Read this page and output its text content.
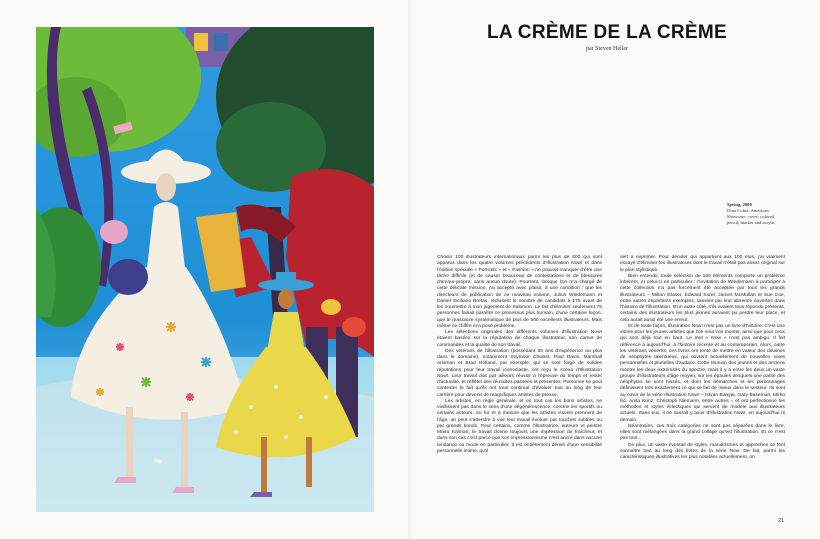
LA CRÈME DE LA CRÈME
par Steven Heller
Spring, 2000
Dino Cobra. American Showcase, cover; colored pencil, marker and acrylic

Choisir 100 illustrateurs internationaux parmi les plus de 600 qui sont apparus dans les quatre volumes précédents d'Illustration Now! et dans l'édition spéciale « Portraits » et « Fashion » ne pouvait manquer d'être une tâche difficile (et de causer beaucoup de contestations et de blessures d'amour-propre, sans aucun doute). Pourtant, lorsque l'on m'a chargé de cette délicate mission, j'ai accepté avec plaisir, à une condition : que les directeurs de publication de ce nouveau volume, Julius Wiedemann et Daniel Siciliano Bretas, réduisent le nombre de candidats à 175 avant de les soumettre à mon jugement de Salomon. Le fait d'éliminer seulement 75 personnes faisait paraître ce processus plus humain, d'une certaine façon, que le massacre systématique de plus de 500 excellents illustrateurs. Mais même ce chiffre m'a posé problème.

Les sélections originales des différents volumes d'Illustration Now! étaient basées sur la réputation de chaque illustrateur, son carnet de commandes et la qualité de son travail.

Des vétérans de l'illustration (possédant 30 ans d'expérience ou plus dans le domaine), notamment Seymour Chwast, Paul Davis, Marshall Arisman et Brad Holland, par exemple, qui se sont forgé de solides réputations pour leur travail iconoclaste, ont reçu le sceau d'Illustration Now!. Leur travail doit par ailleurs réussir à l'épreuve du temps et rester d'actualité, et refléter des réussites passées et présentes. Personne ne peut contester le fait qu'ils ont tous continué d'évoluer tout au long de leur carrière pour devenir de magnifiques artistes de presse.

Les artistes, en règle générale, et en tout cas les bons artistes, ne vieillissent pas dans le sens d'une dégénérescence, comme les sportifs ou certains acteurs. Au fur et à mesure que les artistes visuels prennent de l'âge, on peut s'attendre à voir leur travail évoluer par touches subtiles ou par grands bonds. Pour certains, comme l'illustratrice, auteure et peintre Maira Kalman, le travail donne toujours une impression de fraîcheur, et dans son cas c'est parce que son impressionnisme n'est ancré dans aucune tendance ou mode en particulier. Il est entièrement dérivé d'une sensibilité personnelle intime, qu'il

sert à exprimer. Pour décider qui appartient aux 100 élus, j'ai vraiment essayé d'éliminer les illustrateurs dont le travail n'était pas assez original sur le plan stylistique.

Bien entendu, toute sélection de 100 éléments comporte un problème inhérent, et celui-ci en particulier : l'invitation de Wiedemann à participer à cette collection n'a pas forcément été acceptée par tous les grands illustrateurs – Milton Glaser, Edward Sorel, James McMullan et Sue Coe, entre autres importants exemples, laissent par leur absence ouvertes dans l'histoire de l'illustration. D'un autre côté, s'ils avaient tous répondu présents, certains des illustrateurs les plus jeunes auraient pu perdre leur place, et cela aurait aussi été une erreur.

Et de toute façon, Illustration Now! n'est pas un livre d'histoire. C'est une vitrine pour les jeunes artistes que l'on veut voir monter, ainsi que pour ceux qui sont déjà tout en haut. Le mot « Now » n'est pas ambigu. Il fait référence à aujourd'hui, à l'histoire récente et au contemporain. Alors, outre les vétérans vénérés, ces livres ont tenté de mettre en valeur des dizaines de néophytes talentueux, qui ouvrent actuellement de nouvelles voies personnelles et plurielles d'audace. Cette réunion des jeunes et des anciens montre les deux extrémités du spectre, mais il y a entre les deux un vaste groupe d'illustrateurs d'âge moyen, sur les épaules desquels une partie des néophytes se sont hissés, et dont les démarches et les personnages définissent très exactement ce qui se fait de mieux dans le secteur. Ils sont au cœur de la série Illustration Now! – Istvan Banyai, Gary Baseman, Mirko Ilić, Anita Kunz, Christoph Niemann, entre autres – et ont perfectionné les méthodes et styles éclectiques qui servent de modèle aux illustrateurs actuels. Sans eux, il ne saurait y avoir d'Illustration Now!, en aujourd'hui ni demain.

Néanmoins, ces trois catégories ne sont pas séparées dans le livre, elles sont mélangées dans la grand collage qu'est l'illustration. Et ce n'est pas tout...

De plus, un vaste éventail de styles, maniérismes et approches se font connaître tout au long des livres de la série Now. De fait, parmi les caractéristiques illustratives les plus notables actuellement, on

21
